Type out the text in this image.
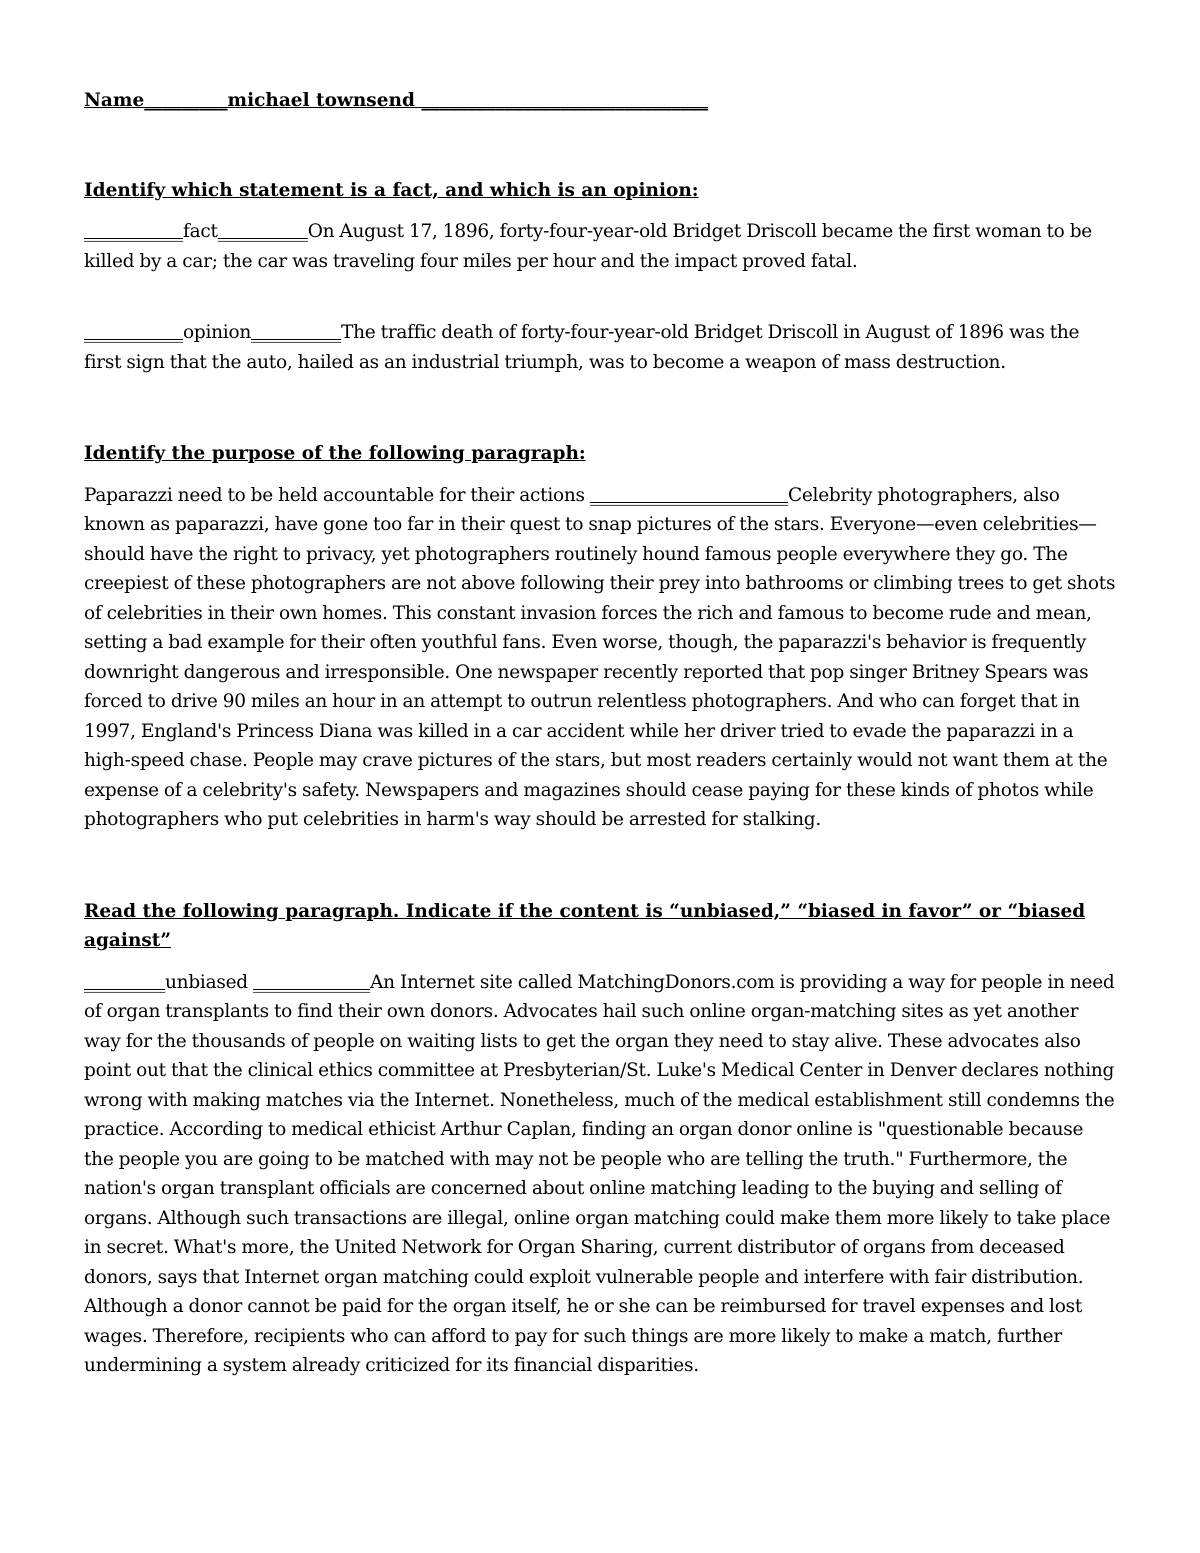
Name_________michael townsend _______________________________

Identify which statement is a fact, and which is an opinion:

___________fact__________On August 17, 1896, forty-four-year-old Bridget Driscoll became the first woman to be killed by a car; the car was traveling four miles per hour and the impact proved fatal.

___________opinion__________The traffic death of forty-four-year-old Bridget Driscoll in August of 1896 was the first sign that the auto, hailed as an industrial triumph, was to become a weapon of mass destruction.

Identify the purpose of the following paragraph:

Paparazzi need to be held accountable for their actions ______________________Celebrity photographers, also known as paparazzi, have gone too far in their quest to snap pictures of the stars. Everyone—even celebrities—should have the right to privacy, yet photographers routinely hound famous people everywhere they go. The creepiest of these photographers are not above following their prey into bathrooms or climbing trees to get shots of celebrities in their own homes. This constant invasion forces the rich and famous to become rude and mean, setting a bad example for their often youthful fans. Even worse, though, the paparazzi's behavior is frequently downright dangerous and irresponsible. One newspaper recently reported that pop singer Britney Spears was forced to drive 90 miles an hour in an attempt to outrun relentless photographers. And who can forget that in 1997, England's Princess Diana was killed in a car accident while her driver tried to evade the paparazzi in a high-speed chase. People may crave pictures of the stars, but most readers certainly would not want them at the expense of a celebrity's safety. Newspapers and magazines should cease paying for these kinds of photos while photographers who put celebrities in harm's way should be arrested for stalking.

Read the following paragraph. Indicate if the content is “unbiased,” “biased in favor” or “biased against”

_________unbiased _____________An Internet site called MatchingDonors.com is providing a way for people in need of organ transplants to find their own donors. Advocates hail such online organ-matching sites as yet another way for the thousands of people on waiting lists to get the organ they need to stay alive. These advocates also point out that the clinical ethics committee at Presbyterian/St. Luke's Medical Center in Denver declares nothing wrong with making matches via the Internet. Nonetheless, much of the medical establishment still condemns the practice. According to medical ethicist Arthur Caplan, finding an organ donor online is "questionable because the people you are going to be matched with may not be people who are telling the truth." Furthermore, the nation's organ transplant officials are concerned about online matching leading to the buying and selling of organs. Although such transactions are illegal, online organ matching could make them more likely to take place in secret. What's more, the United Network for Organ Sharing, current distributor of organs from deceased donors, says that Internet organ matching could exploit vulnerable people and interfere with fair distribution. Although a donor cannot be paid for the organ itself, he or she can be reimbursed for travel expenses and lost wages. Therefore, recipients who can afford to pay for such things are more likely to make a match, further undermining a system already criticized for its financial disparities.
